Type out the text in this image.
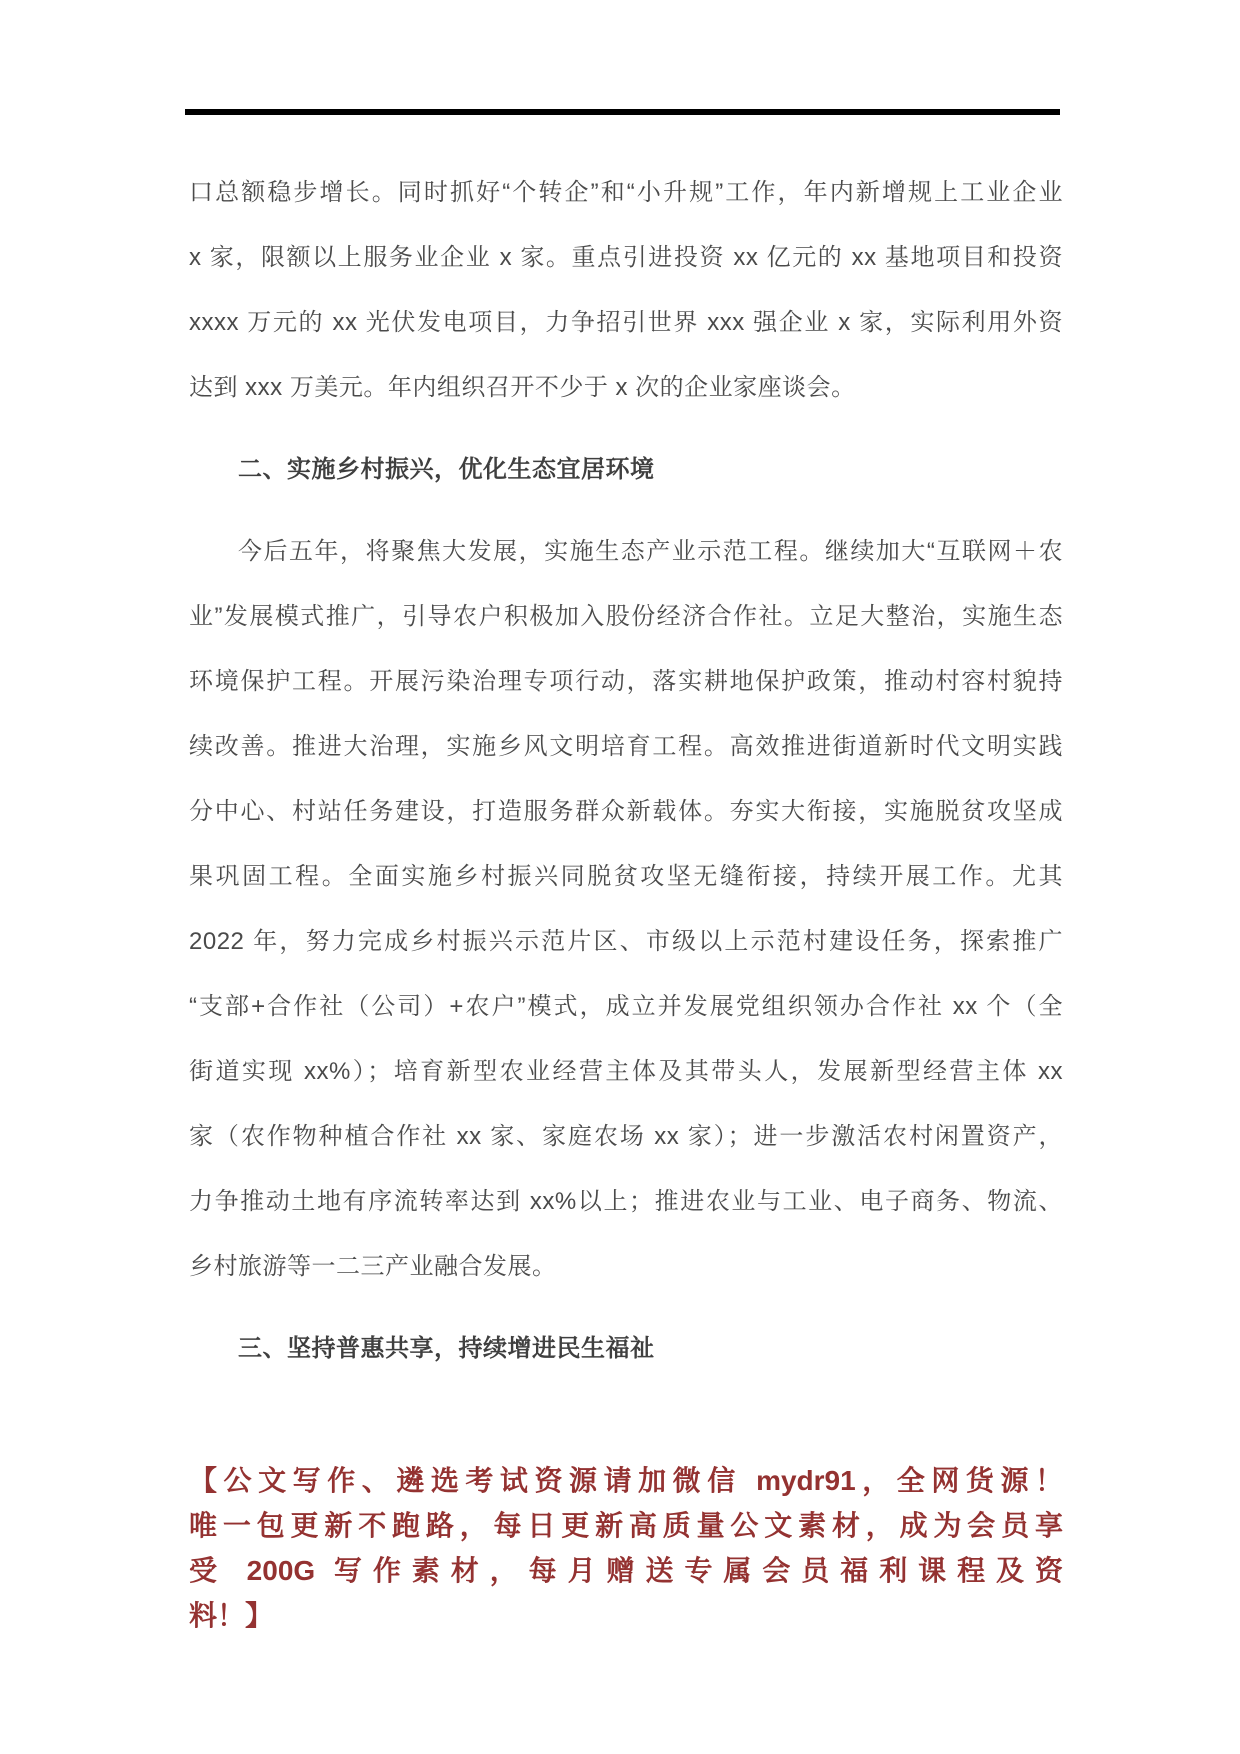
口总额稳步增长。同时抓好“个转企”和“小升规”工作，年内新增规上工业企业
x 家，限额以上服务业企业 x 家。重点引进投资 xx 亿元的 xx 基地项目和投资
xxxx 万元的 xx 光伏发电项目，力争招引世界 xxx 强企业 x 家，实际利用外资
达到 xxx 万美元。年内组织召开不少于 x 次的企业家座谈会。
二、实施乡村振兴，优化生态宜居环境
今后五年，将聚焦大发展，实施生态产业示范工程。继续加大“互联网＋农
业”发展模式推广，引导农户积极加入股份经济合作社。立足大整治，实施生态
环境保护工程。开展污染治理专项行动，落实耕地保护政策，推动村容村貌持
续改善。推进大治理，实施乡风文明培育工程。高效推进街道新时代文明实践
分中心、村站任务建设，打造服务群众新载体。夯实大衔接，实施脱贫攻坚成
果巩固工程。全面实施乡村振兴同脱贫攻坚无缝衔接，持续开展工作。尤其
2022 年，努力完成乡村振兴示范片区、市级以上示范村建设任务，探索推广
“支部+合作社（公司）+农户”模式，成立并发展党组织领办合作社 xx 个（全
街道实现 xx%）；培育新型农业经营主体及其带头人，发展新型经营主体 xx
家（农作物种植合作社 xx 家、家庭农场 xx 家）；进一步激活农村闲置资产，
力争推动土地有序流转率达到 xx%以上；推进农业与工业、电子商务、物流、
乡村旅游等一二三产业融合发展。
三、坚持普惠共享，持续增进民生福祉
【公文写作、遴选考试资源请加微信 mydr91，全网货源！
唯一包更新不跑路，每日更新高质量公文素材，成为会员享
受 200G 写作素材，每月赠送专属会员福利课程及资
料！】
